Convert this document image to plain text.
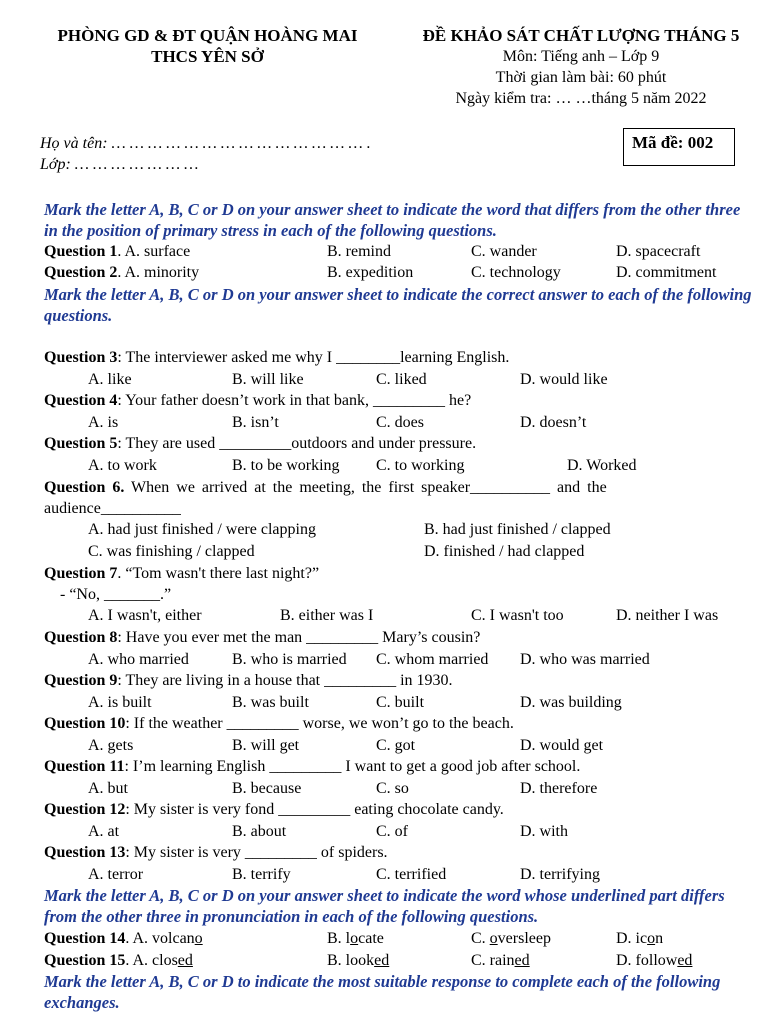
PHÒNG GD & ĐT QUẬN HOÀNG MAI
THCS YÊN SỞ
ĐỀ KHẢO SÁT CHẤT LƯỢNG THÁNG 5
Môn: Tiếng anh – Lớp 9
Thời gian làm bài: 60 phút
Ngày kiểm tra: … …tháng 5 năm 2022
Họ và tên: … … … … … … … … … … … … … … .
Lớp: … … … … … … …
Mã đề: 002
Mark the letter A, B, C or D on your answer sheet to indicate the word that differs from the other three in the position of primary stress in each of the following questions.
Question 1. A. surface	B. remind	C. wander	D. spacecraft
Question 2. A. minority	B. expedition	C. technology	D. commitment
Mark the letter A, B, C or D on your answer sheet to indicate the correct answer to each of the following questions.
Question 3: The interviewer asked me why I ________learning English.
A. like	B. will like	C. liked	D. would like
Question 4: Your father doesn’t work in that bank, _________ he?
A. is	B. isn’t	C. does	D. doesn’t
Question 5: They are used _________outdoors and under pressure.
A. to work	B. to be working C. to working	D. Worked
Question 6. When we arrived at the meeting, the first speaker__________ and the
audience__________
A. had just finished / were clapping	B. had just finished / clapped
C. was finishing / clapped	D. finished / had clapped
Question 7. “Tom wasn't there last night?”
- “No, _______.”
A. I wasn't, either	B. either was I	C. I wasn't too	D. neither I was
Question 8: Have you ever met the man _________ Mary’s cousin?
A. who married	B. who is married C. whom married D. who was married
Question 9: They are living in a house that _________ in 1930.
A. is built	B. was built	C. built	D. was building
Question 10: If the weather _________ worse, we won’t go to the beach.
A. gets	B. will get	C. got	D. would get
Question 11: I’m learning English _________ I want to get a good job after school.
A. but	B. because	C. so	D. therefore
Question 12: My sister is very fond _________ eating chocolate candy.
A. at	B. about	C. of	D. with
Question 13: My sister is very _________ of spiders.
A. terror	B. terrify	C. terrified	D. terrifying
Mark the letter A, B, C or D on your answer sheet to indicate the word whose underlined part differs from the other three in pronunciation in each of the following questions.
Question 14. A. volcano	B. locate	C. oversleep	D. icon
Question 15. A. closed	B. looked	C. rained	D. followed
Mark the letter A, B, C or D to indicate the most suitable response to complete each of the following exchanges.
